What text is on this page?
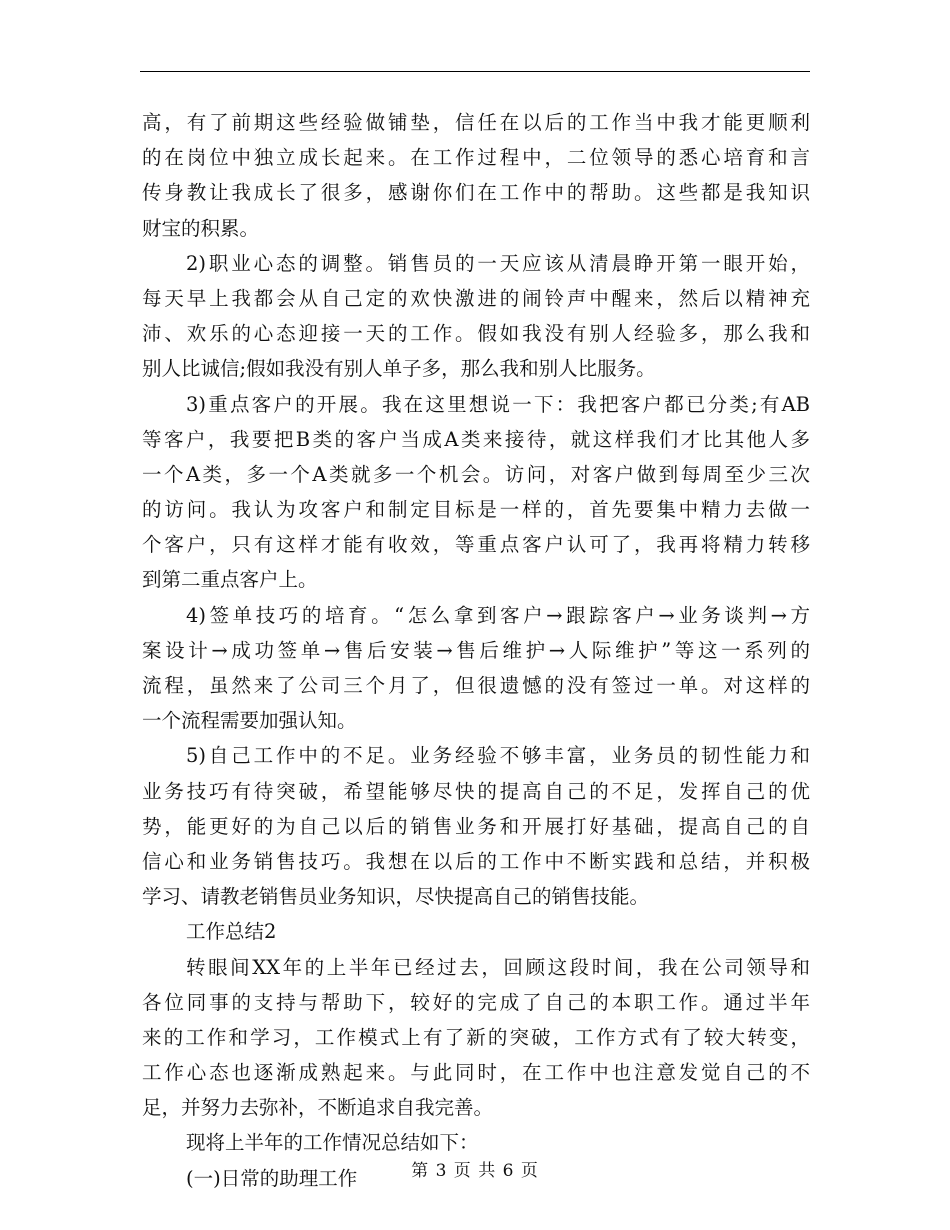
高，有了前期这些经验做铺垫，信任在以后的工作当中我才能更顺利
的在岗位中独立成长起来。在工作过程中，二位领导的悉心培育和言
传身教让我成长了很多，感谢你们在工作中的帮助。这些都是我知识
财宝的积累。
2)职业心态的调整。销售员的一天应该从清晨睁开第一眼开始，
每天早上我都会从自己定的欢快激进的闹铃声中醒来，然后以精神充
沛、欢乐的心态迎接一天的工作。假如我没有别人经验多，那么我和
别人比诚信;假如我没有别人单子多，那么我和别人比服务。
3)重点客户的开展。我在这里想说一下：我把客户都已分类;有AB
等客户，我要把B类的客户当成A类来接待，就这样我们才比其他人多
一个A类，多一个A类就多一个机会。访问，对客户做到每周至少三次
的访问。我认为攻客户和制定目标是一样的，首先要集中精力去做一
个客户，只有这样才能有收效，等重点客户认可了，我再将精力转移
到第二重点客户上。
4)签单技巧的培育。“怎么拿到客户→跟踪客户→业务谈判→方
案设计→成功签单→售后安装→售后维护→人际维护”等这一系列的
流程，虽然来了公司三个月了，但很遗憾的没有签过一单。对这样的
一个流程需要加强认知。
5)自己工作中的不足。业务经验不够丰富，业务员的韧性能力和
业务技巧有待突破，希望能够尽快的提高自己的不足，发挥自己的优
势，能更好的为自己以后的销售业务和开展打好基础，提高自己的自
信心和业务销售技巧。我想在以后的工作中不断实践和总结，并积极
学习、请教老销售员业务知识，尽快提高自己的销售技能。
工作总结2
转眼间XX年的上半年已经过去，回顾这段时间，我在公司领导和
各位同事的支持与帮助下，较好的完成了自己的本职工作。通过半年
来的工作和学习，工作模式上有了新的突破，工作方式有了较大转变，
工作心态也逐渐成熟起来。与此同时，在工作中也注意发觉自己的不
足，并努力去弥补，不断追求自我完善。
现将上半年的工作情况总结如下：
(一)日常的助理工作	第 3 页 共 6 页
